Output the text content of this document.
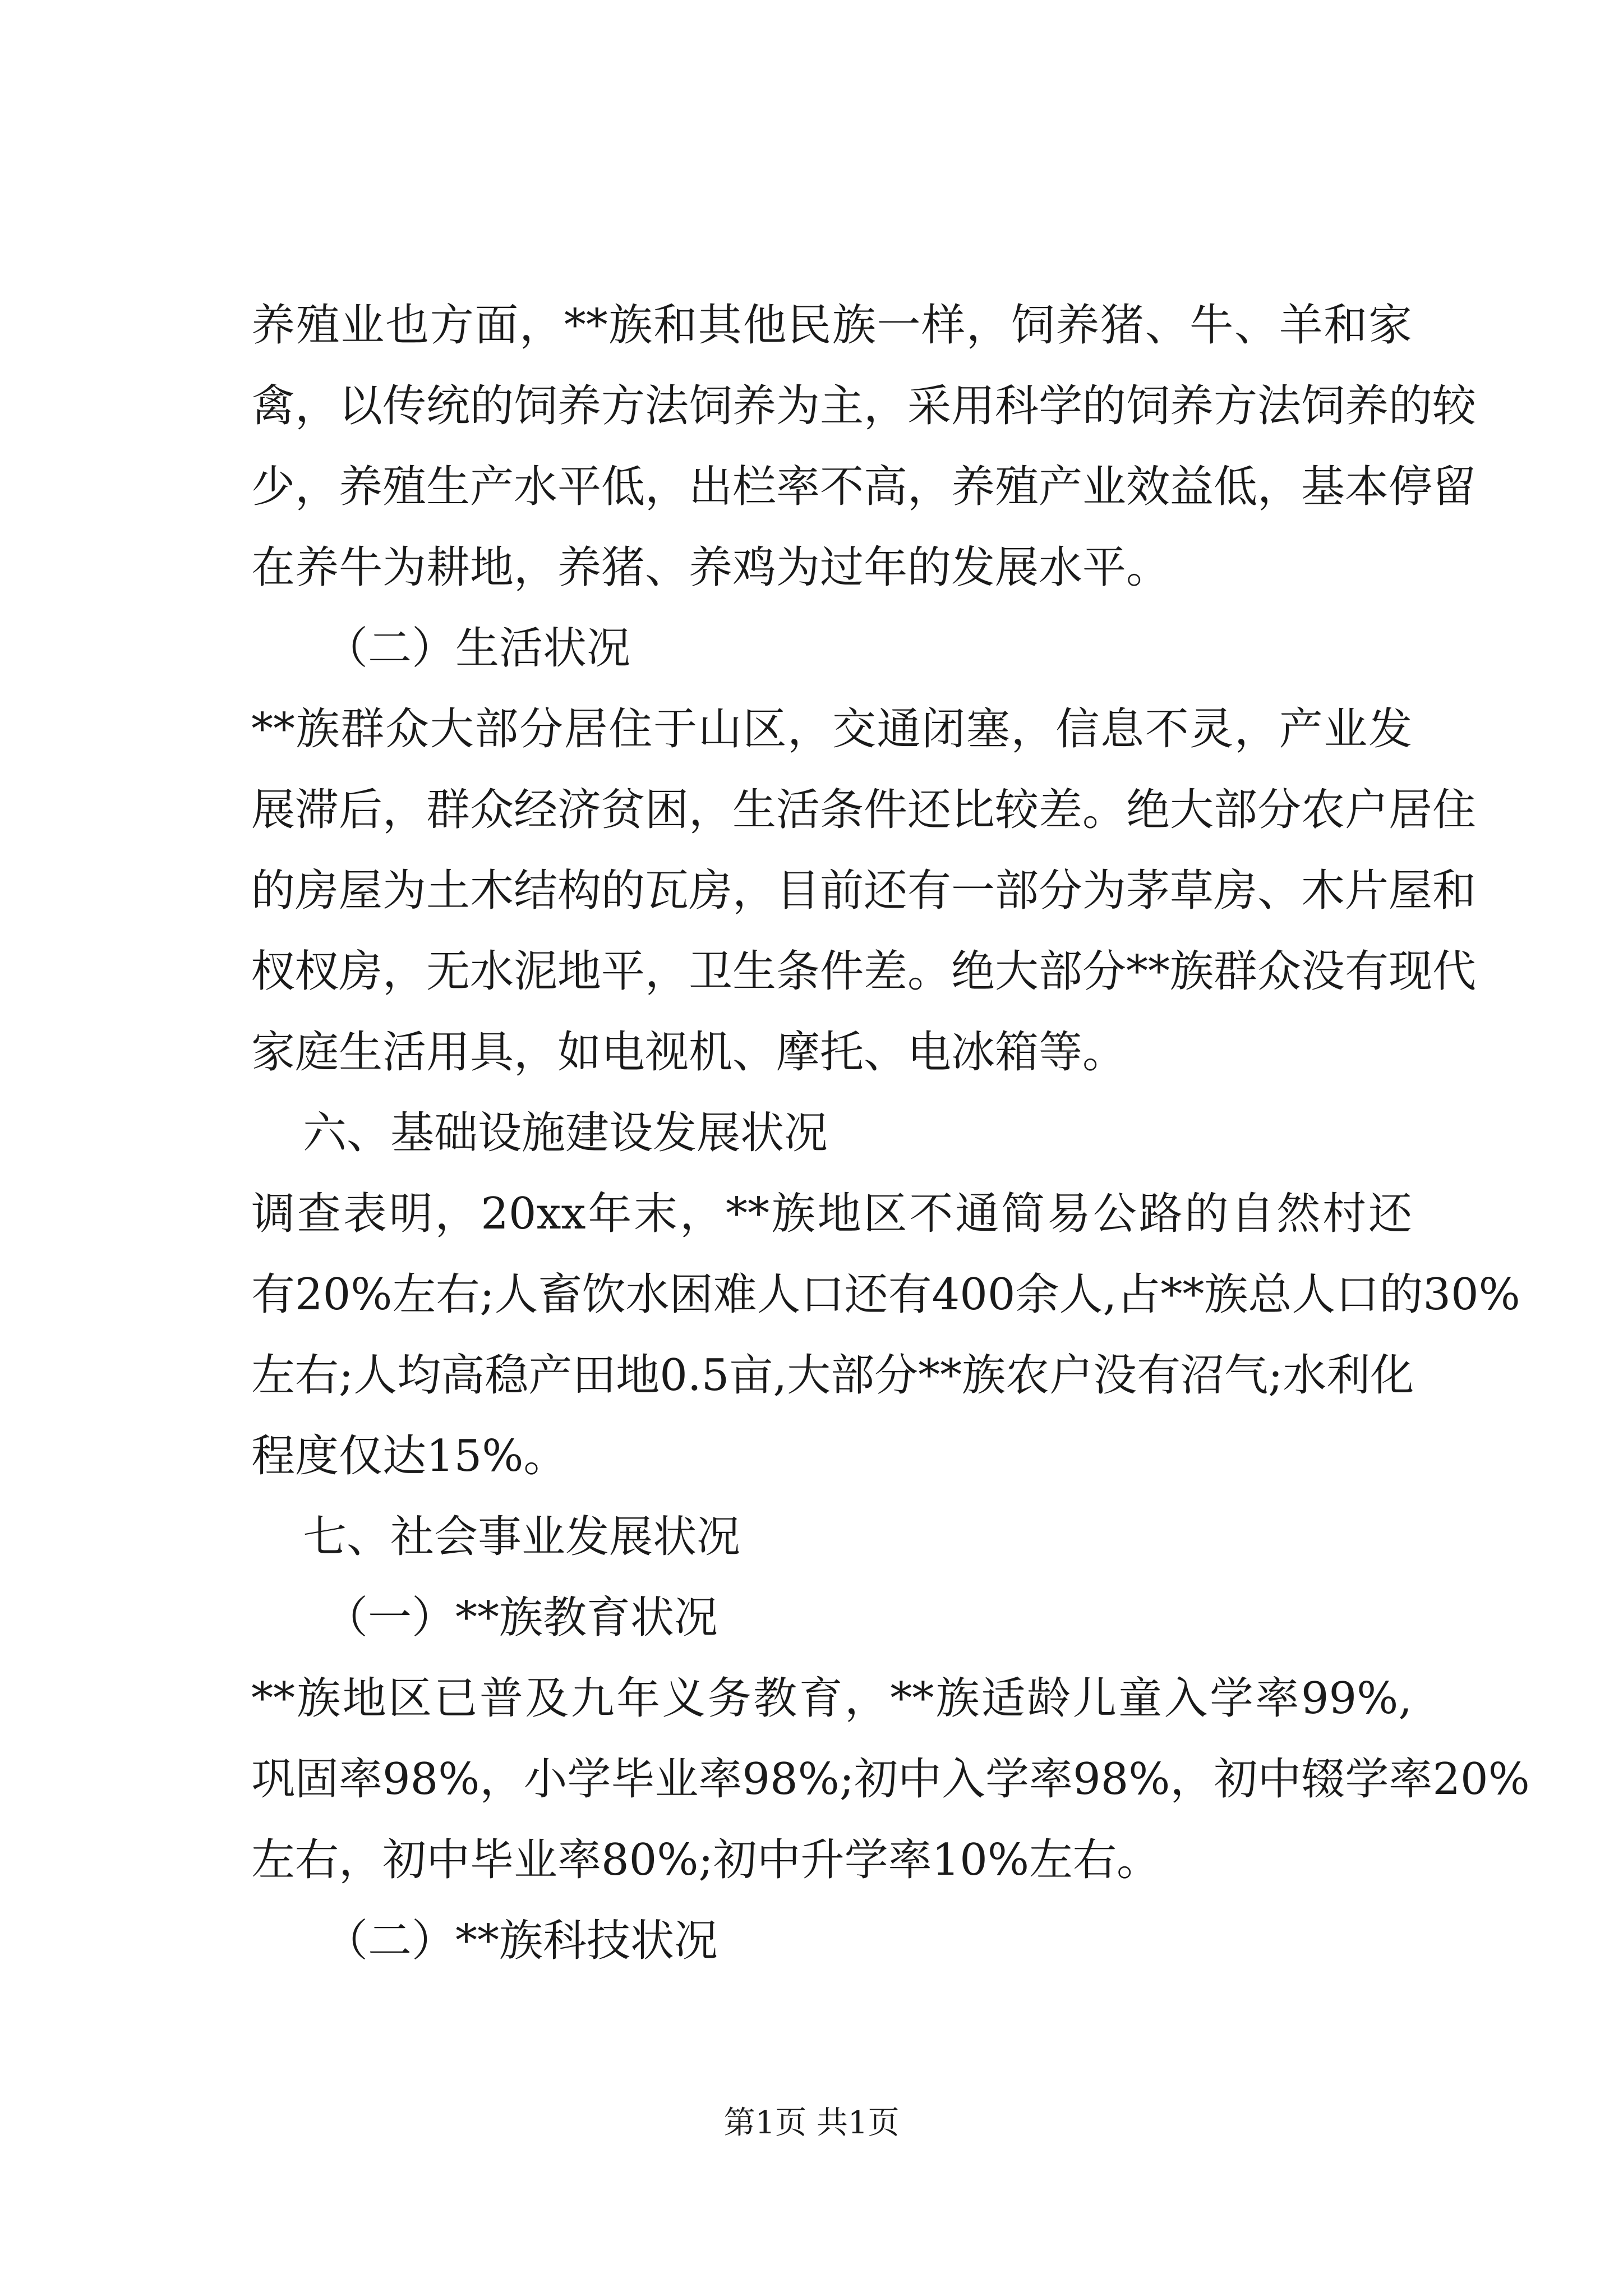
养殖业也方面，**族和其他民族一样，饲养猪、牛、羊和家
禽，以传统的饲养方法饲养为主，采用科学的饲养方法饲养的较
少，养殖生产水平低，出栏率不高，养殖产业效益低，基本停留
在养牛为耕地，养猪、养鸡为过年的发展水平。
（二）生活状况
**族群众大部分居住于山区，交通闭塞，信息不灵，产业发
展滞后，群众经济贫困，生活条件还比较差。绝大部分农户居住
的房屋为土木结构的瓦房，目前还有一部分为茅草房、木片屋和
杈杈房，无水泥地平，卫生条件差。绝大部分**族群众没有现代
家庭生活用具，如电视机、摩托、电冰箱等。
六、基础设施建设发展状况
调查表明，20xx年末，**族地区不通简易公路的自然村还
有20%左右;人畜饮水困难人口还有400余人,占**族总人口的30%
左右;人均高稳产田地0.5亩,大部分**族农户没有沼气;水利化
程度仅达15%。
七、社会事业发展状况
（一）**族教育状况
**族地区已普及九年义务教育，**族适龄儿童入学率99%,
巩固率98%，小学毕业率98%;初中入学率98%，初中辍学率20%
左右，初中毕业率80%;初中升学率10%左右。
（二）**族科技状况
第1页 共1页
